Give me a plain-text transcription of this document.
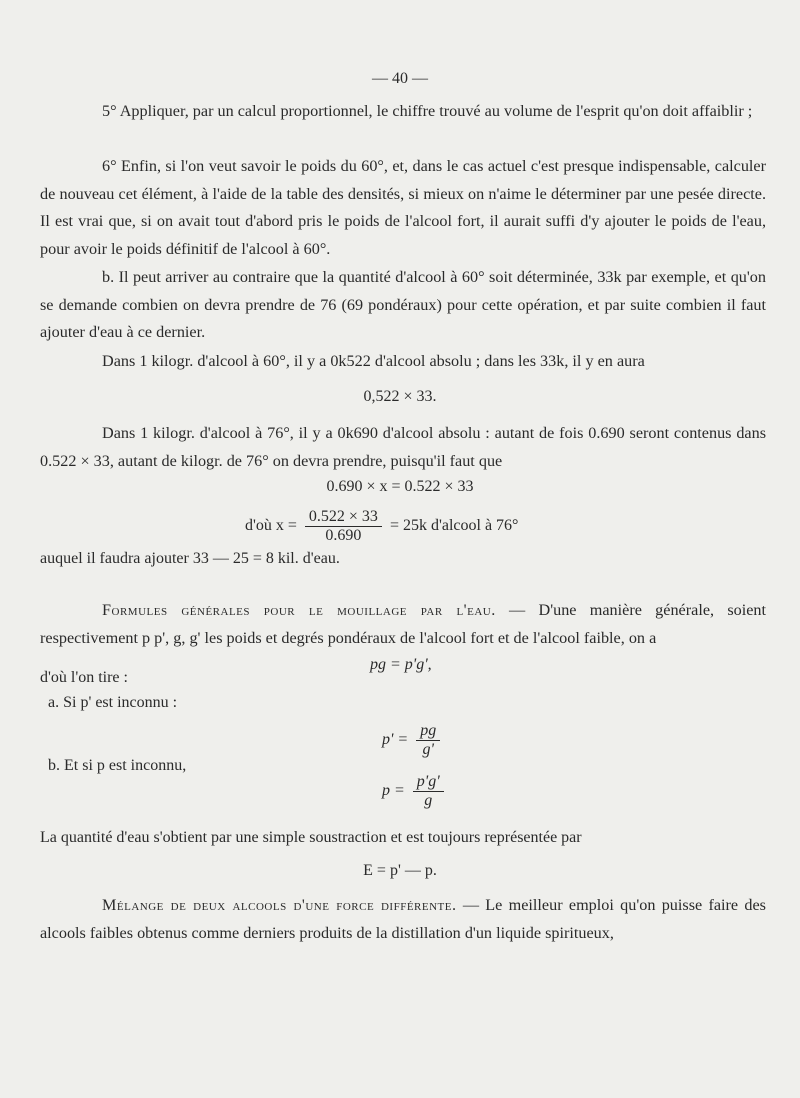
— 40 —
5° Appliquer, par un calcul proportionnel, le chiffre trouvé au volume de l'esprit qu'on doit affaiblir ;
6° Enfin, si l'on veut savoir le poids du 60°, et, dans le cas actuel c'est presque indispensable, calculer de nouveau cet élément, à l'aide de la table des densités, si mieux on n'aime le déterminer par une pesée directe. Il est vrai que, si on avait tout d'abord pris le poids de l'alcool fort, il aurait suffi d'y ajouter le poids de l'eau, pour avoir le poids définitif de l'alcool à 60°.
b. Il peut arriver au contraire que la quantité d'alcool à 60° soit déterminée, 33k par exemple, et qu'on se demande combien on devra prendre de 76 (69 pondéraux) pour cette opération, et par suite combien il faut ajouter d'eau à ce dernier.
Dans 1 kilogr. d'alcool à 60°, il y a 0k522 d'alcool absolu ; dans les 33k, il y en aura
0,522 × 33.
Dans 1 kilogr. d'alcool à 76°, il y a 0k690 d'alcool absolu : autant de fois 0.690 seront contenus dans 0.522 × 33, autant de kilogr. de 76° on devra prendre, puisqu'il faut que
0.690 × x = 0.522 × 33
d'où $x = \frac{0.522 \times 33}{0.690} = 25k$ d'alcool à 76°
auquel il faudra ajouter 33 — 25 = 8 kil. d'eau.
Formules générales pour le mouillage par l'eau. — D'une manière générale, soient respectivement p p', g, g' les poids et degrés pondéraux de l'alcool fort et de l'alcool faible, on a
pg = p'g',
d'où l'on tire :
a. Si p' est inconnu :
$p' = \frac{pg}{g'}$
b. Et si p est inconnu,
$p = \frac{p'g'}{g}$
La quantité d'eau s'obtient par une simple soustraction et est toujours représentée par
E = p' — p.
Mélange de deux alcools d'une force différente. — Le meilleur emploi qu'on puisse faire des alcools faibles obtenus comme derniers produits de la distillation d'un liquide spiritueux,
